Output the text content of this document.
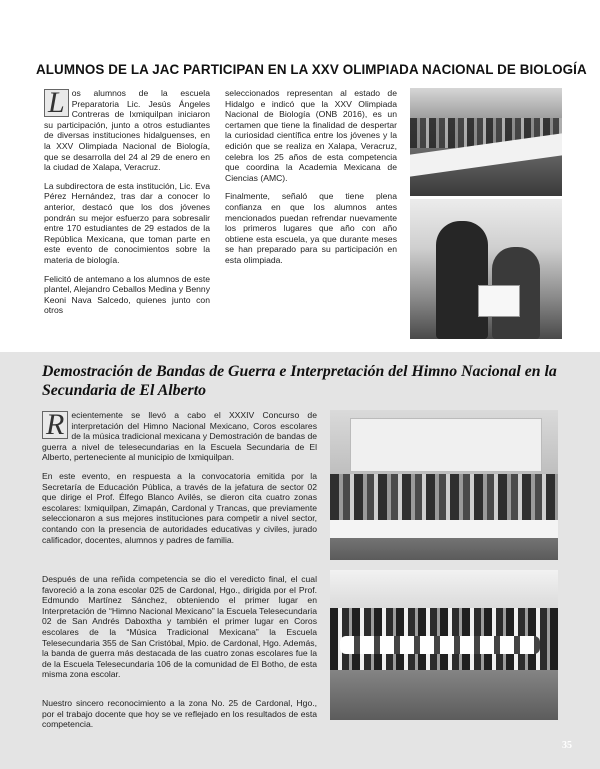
ALUMNOS DE LA JAC PARTICIPAN EN LA XXV OLIMPIADA NACIONAL DE BIOLOGÍA

L os alumnos de la escuela Preparatoria Lic. Jesús Ángeles Contreras de Ixmiquilpan iniciaron su participación, junto a otros estudiantes de diversas instituciones hidalguenses, en la XXV Olimpiada Nacional de Biología, que se desarrolla del 24 al 29 de enero en la ciudad de Xalapa, Veracruz.

La subdirectora de esta institución, Lic. Eva Pérez Hernández, tras dar a conocer lo anterior, destacó que los dos jóvenes pondrán su mejor esfuerzo para sobresalir entre 170 estudiantes de 29 estados de la República Mexicana, que toman parte en este evento de conocimientos sobre la materia de biología.

Felicitó de antemano a los alumnos de este plantel, Alejandro Ceballos Medina y Benny Keoni Nava Salcedo, quienes junto con otros

seleccionados representan al estado de Hidalgo e indicó que la XXV Olimpiada Nacional de Biología (ONB 2016), es un certamen que tiene la finalidad de despertar la curiosidad científica entre los jóvenes y la edición que se realiza en Xalapa, Veracruz, celebra los 25 años de esta competencia que coordina la Academia Mexicana de Ciencias (AMC).

Finalmente, señaló que tiene plena confianza en que los alumnos antes mencionados puedan refrendar nuevamente los primeros lugares que año con año obtiene esta escuela, ya que durante meses se han preparado para su participación en esta olimpiada.

Demostración de Bandas de Guerra e Interpretación del Himno Nacional en la Secundaria de El Alberto

R ecientemente se llevó a cabo el XXXIV Concurso de interpretación del Himno Nacional Mexicano, Coros escolares de la música tradicional mexicana y Demostración de bandas de guerra a nivel de telesecundarias en la Escuela Secundaria de El Alberto, perteneciente al municipio de Ixmiquilpan.

En este evento, en respuesta a la convocatoria emitida por la Secretaría de Educación Pública, a través de la jefatura de sector 02 que dirige el Prof. Élfego Blanco Avilés, se dieron cita cuatro zonas escolares: Ixmiquilpan, Zimapán, Cardonal y Trancas, que previamente seleccionaron a sus mejores instituciones para competir a nivel sector, contando con la presencia de autoridades educativas y civiles, jurado calificador, docentes, alumnos y padres de familia.

Después de una reñida competencia se dio el veredicto final, el cual favoreció a la zona escolar 025 de Cardonal, Hgo., dirigida por el Prof. Edmundo Martínez Sánchez, obteniendo el primer lugar en Interpretación de “Himno Nacional Mexicano” la Escuela Telesecundaria 02 de San Andrés Daboxtha y también el primer lugar en Coros escolares de la “Música Tradicional Mexicana” la Escuela Telesecundaria 355 de San Cristóbal, Mpio. de Cardonal, Hgo. Además, la banda de guerra más destacada de las cuatro zonas escolares fue la de la Escuela Telesecundaria 106 de la comunidad de El Botho, de esta misma zona escolar.
Nuestro sincero reconocimiento a la zona No. 25 de Cardonal, Hgo., por el trabajo docente que hoy se ve reflejado en los resultados de esta competencia.
35
